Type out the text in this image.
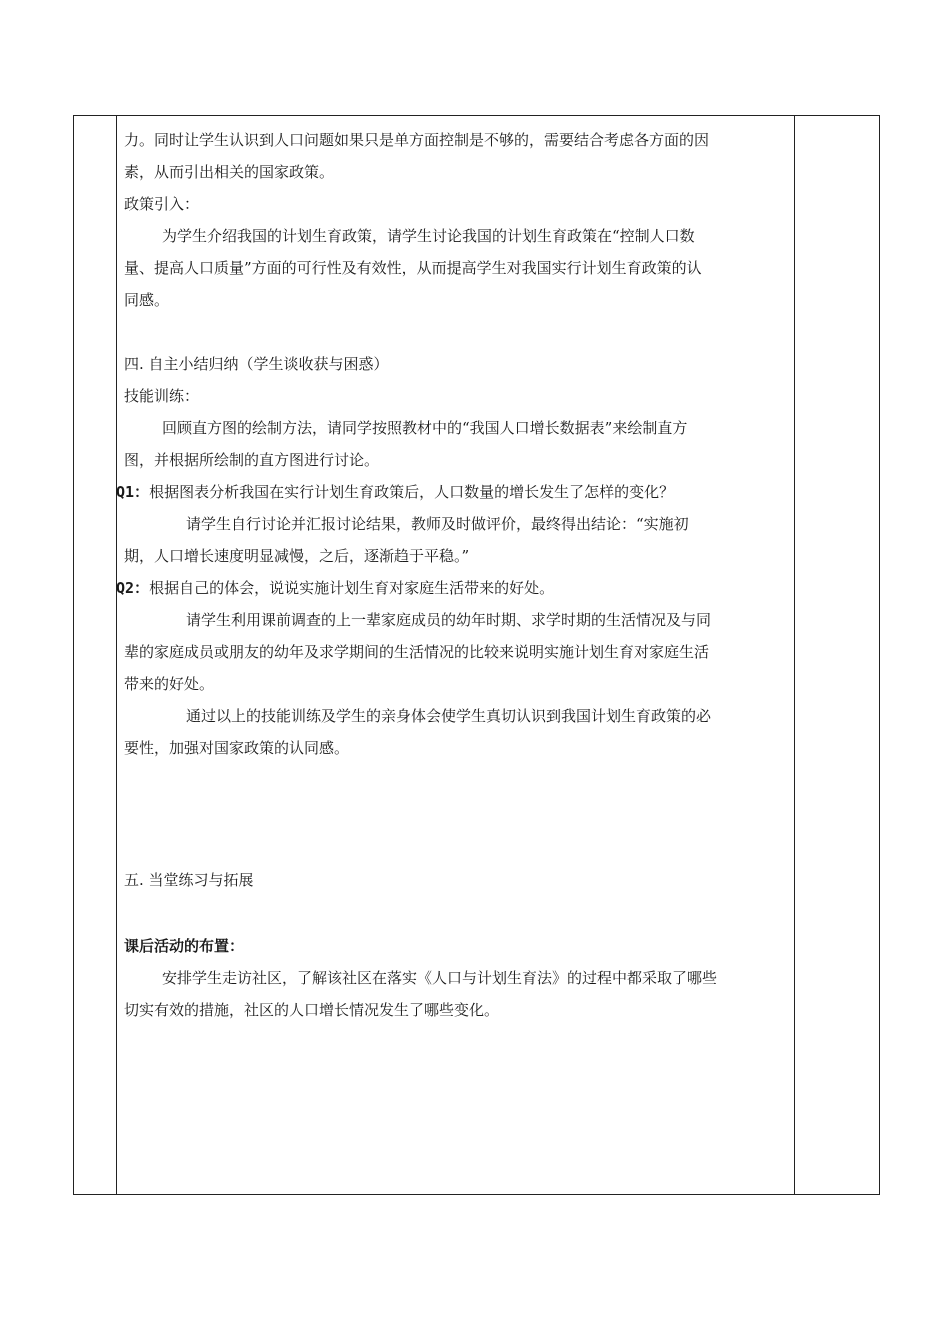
力。同时让学生认识到人口问题如果只是单方面控制是不够的，需要结合考虑各方面的因
素，从而引出相关的国家政策。
政策引入：
为学生介绍我国的计划生育政策，请学生讨论我国的计划生育政策在“控制人口数
量、提高人口质量”方面的可行性及有效性，从而提高学生对我国实行计划生育政策的认
同感。
四. 自主小结归纳（学生谈收获与困惑）
技能训练：
回顾直方图的绘制方法，请同学按照教材中的“我国人口增长数据表”来绘制直方
图，并根据所绘制的直方图进行讨论。
Q1：根据图表分析我国在实行计划生育政策后，人口数量的增长发生了怎样的变化？
请学生自行讨论并汇报讨论结果，教师及时做评价，最终得出结论：“实施初
期，人口增长速度明显减慢，之后，逐渐趋于平稳。”
Q2：根据自己的体会，说说实施计划生育对家庭生活带来的好处。
请学生利用课前调查的上一辈家庭成员的幼年时期、求学时期的生活情况及与同
辈的家庭成员或朋友的幼年及求学期间的生活情况的比较来说明实施计划生育对家庭生活
带来的好处。
通过以上的技能训练及学生的亲身体会使学生真切认识到我国计划生育政策的必
要性，加强对国家政策的认同感。
五. 当堂练习与拓展
课后活动的布置：
安排学生走访社区，了解该社区在落实《人口与计划生育法》的过程中都采取了哪些
切实有效的措施，社区的人口增长情况发生了哪些变化。
